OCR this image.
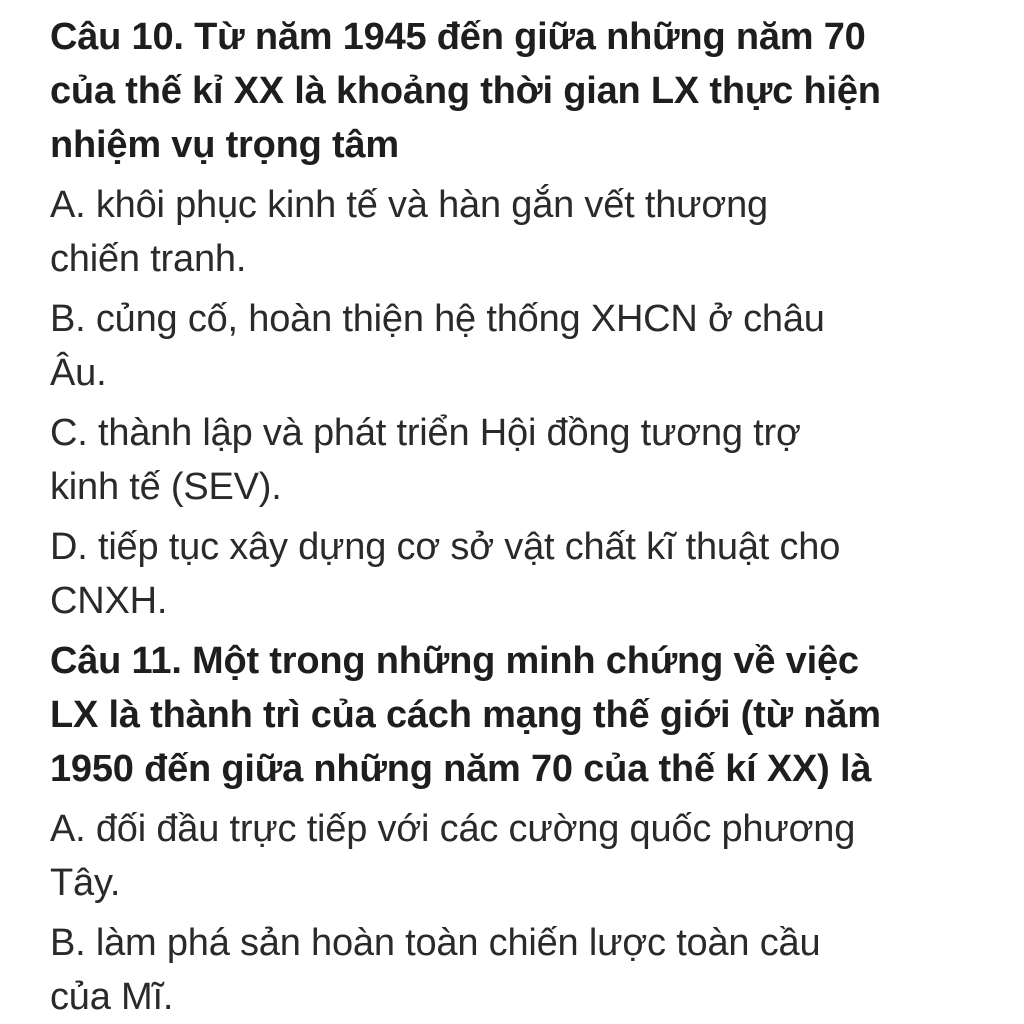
Câu 10. Từ năm 1945 đến giữa những năm 70
của thế kỉ XX là khoảng thời gian LX thực hiện
nhiệm vụ trọng tâm
A. khôi phục kinh tế và hàn gắn vết thương
chiến tranh.
B. củng cố, hoàn thiện hệ thống XHCN ở châu
Âu.
C. thành lập và phát triển Hội đồng tương trợ
kinh tế (SEV).
D. tiếp tục xây dựng cơ sở vật chất kĩ thuật cho
CNXH.
Câu 11. Một trong những minh chứng về việc
LX là thành trì của cách mạng thế giới (từ năm
1950 đến giữa những năm 70 của thế kí XX) là
A. đối đầu trực tiếp với các cường quốc phương
Tây.
B. làm phá sản hoàn toàn chiến lược toàn cầu
của Mĩ.
